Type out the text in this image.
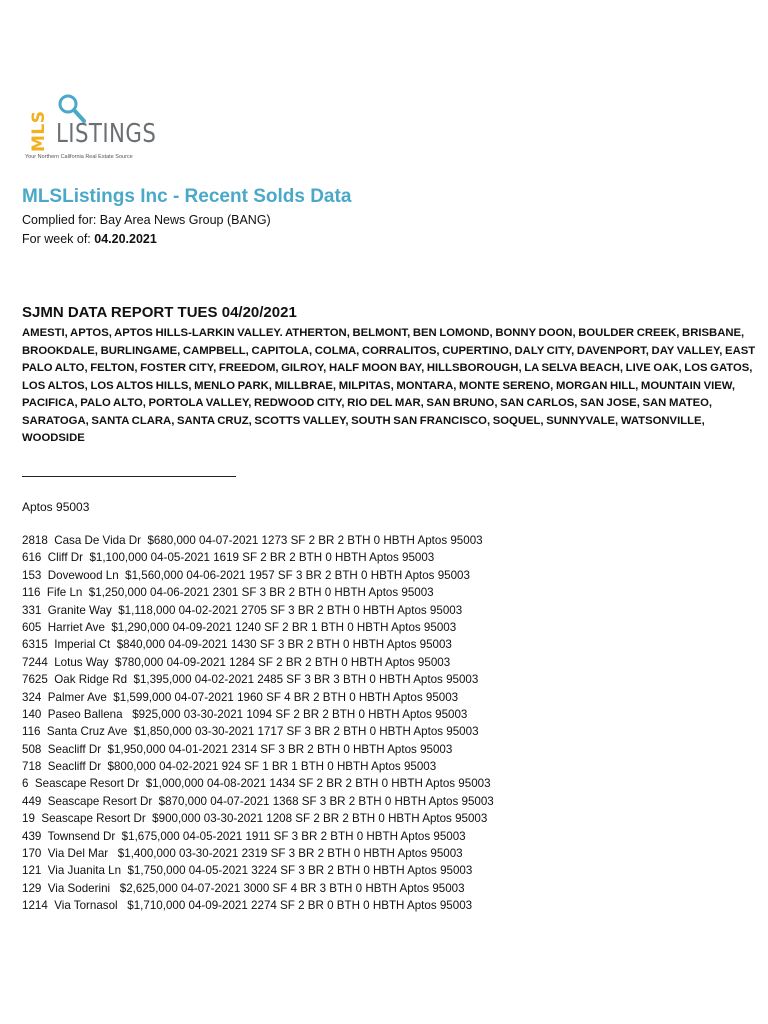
MLS LISTINGS
Your Northern California Real Estate Source
MLSListings Inc - Recent Solds Data
Complied for: Bay Area News Group (BANG)
For week of: 04.20.2021
SJMN DATA REPORT TUES 04/20/2021
AMESTI, APTOS, APTOS HILLS-LARKIN VALLEY. ATHERTON, BELMONT, BEN LOMOND, BONNY DOON, BOULDER CREEK, BRISBANE, BROOKDALE, BURLINGAME, CAMPBELL, CAPITOLA, COLMA, CORRALITOS, CUPERTINO, DALY CITY, DAVENPORT, DAY VALLEY, EAST PALO ALTO, FELTON, FOSTER CITY, FREEDOM, GILROY, HALF MOON BAY, HILLSBOROUGH, LA SELVA BEACH, LIVE OAK, LOS GATOS, LOS ALTOS, LOS ALTOS HILLS, MENLO PARK, MILLBRAE, MILPITAS, MONTARA, MONTE SERENO, MORGAN HILL, MOUNTAIN VIEW, PACIFICA, PALO ALTO, PORTOLA VALLEY, REDWOOD CITY, RIO DEL MAR, SAN BRUNO, SAN CARLOS, SAN JOSE, SAN MATEO, SARATOGA, SANTA CLARA, SANTA CRUZ, SCOTTS VALLEY, SOUTH SAN FRANCISCO, SOQUEL, SUNNYVALE, WATSONVILLE, WOODSIDE
Aptos 95003
2818  Casa De Vida Dr  $680,000 04-07-2021 1273 SF 2 BR 2 BTH 0 HBTH Aptos 95003
616  Cliff Dr  $1,100,000 04-05-2021 1619 SF 2 BR 2 BTH 0 HBTH Aptos 95003
153  Dovewood Ln  $1,560,000 04-06-2021 1957 SF 3 BR 2 BTH 0 HBTH Aptos 95003
116  Fife Ln  $1,250,000 04-06-2021 2301 SF 3 BR 2 BTH 0 HBTH Aptos 95003
331  Granite Way  $1,118,000 04-02-2021 2705 SF 3 BR 2 BTH 0 HBTH Aptos 95003
605  Harriet Ave  $1,290,000 04-09-2021 1240 SF 2 BR 1 BTH 0 HBTH Aptos 95003
6315  Imperial Ct  $840,000 04-09-2021 1430 SF 3 BR 2 BTH 0 HBTH Aptos 95003
7244  Lotus Way  $780,000 04-09-2021 1284 SF 2 BR 2 BTH 0 HBTH Aptos 95003
7625  Oak Ridge Rd  $1,395,000 04-02-2021 2485 SF 3 BR 3 BTH 0 HBTH Aptos 95003
324  Palmer Ave  $1,599,000 04-07-2021 1960 SF 4 BR 2 BTH 0 HBTH Aptos 95003
140  Paseo Ballena   $925,000 03-30-2021 1094 SF 2 BR 2 BTH 0 HBTH Aptos 95003
116  Santa Cruz Ave  $1,850,000 03-30-2021 1717 SF 3 BR 2 BTH 0 HBTH Aptos 95003
508  Seacliff Dr  $1,950,000 04-01-2021 2314 SF 3 BR 2 BTH 0 HBTH Aptos 95003
718  Seacliff Dr  $800,000 04-02-2021 924 SF 1 BR 1 BTH 0 HBTH Aptos 95003
6  Seascape Resort Dr  $1,000,000 04-08-2021 1434 SF 2 BR 2 BTH 0 HBTH Aptos 95003
449  Seascape Resort Dr  $870,000 04-07-2021 1368 SF 3 BR 2 BTH 0 HBTH Aptos 95003
19  Seascape Resort Dr  $900,000 03-30-2021 1208 SF 2 BR 2 BTH 0 HBTH Aptos 95003
439  Townsend Dr  $1,675,000 04-05-2021 1911 SF 3 BR 2 BTH 0 HBTH Aptos 95003
170  Via Del Mar   $1,400,000 03-30-2021 2319 SF 3 BR 2 BTH 0 HBTH Aptos 95003
121  Via Juanita Ln  $1,750,000 04-05-2021 3224 SF 3 BR 2 BTH 0 HBTH Aptos 95003
129  Via Soderini   $2,625,000 04-07-2021 3000 SF 4 BR 3 BTH 0 HBTH Aptos 95003
1214  Via Tornasol   $1,710,000 04-09-2021 2274 SF 2 BR 0 BTH 0 HBTH Aptos 95003
